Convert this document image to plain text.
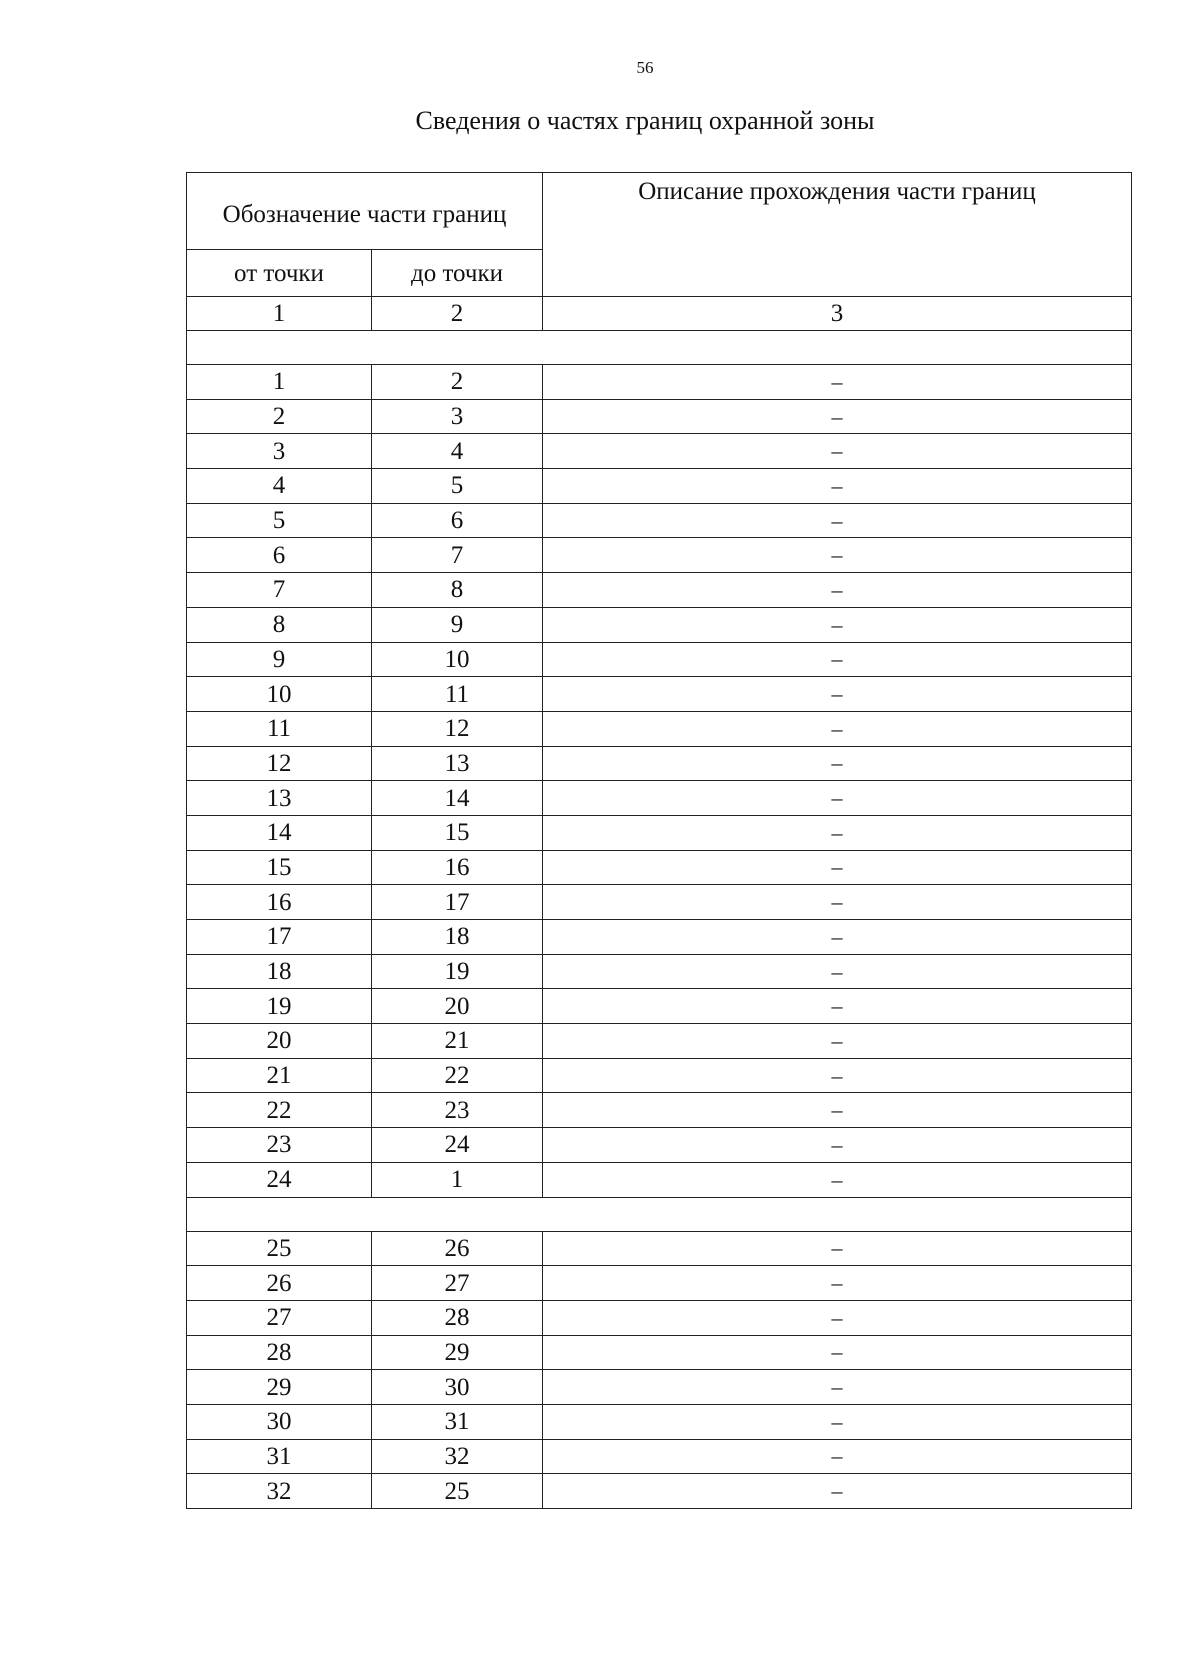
56
Сведения о частях границ охранной зоны
Обозначение части границ		Описание прохождения части границ
от точки	до точки	
1	2	3

1	2	–
2	3	–
3	4	–
4	5	–
5	6	–
6	7	–
7	8	–
8	9	–
9	10	–
10	11	–
11	12	–
12	13	–
13	14	–
14	15	–
15	16	–
16	17	–
17	18	–
18	19	–
19	20	–
20	21	–
21	22	–
22	23	–
23	24	–
24	1	–

25	26	–
26	27	–
27	28	–
28	29	–
29	30	–
30	31	–
31	32	–
32	25	–
